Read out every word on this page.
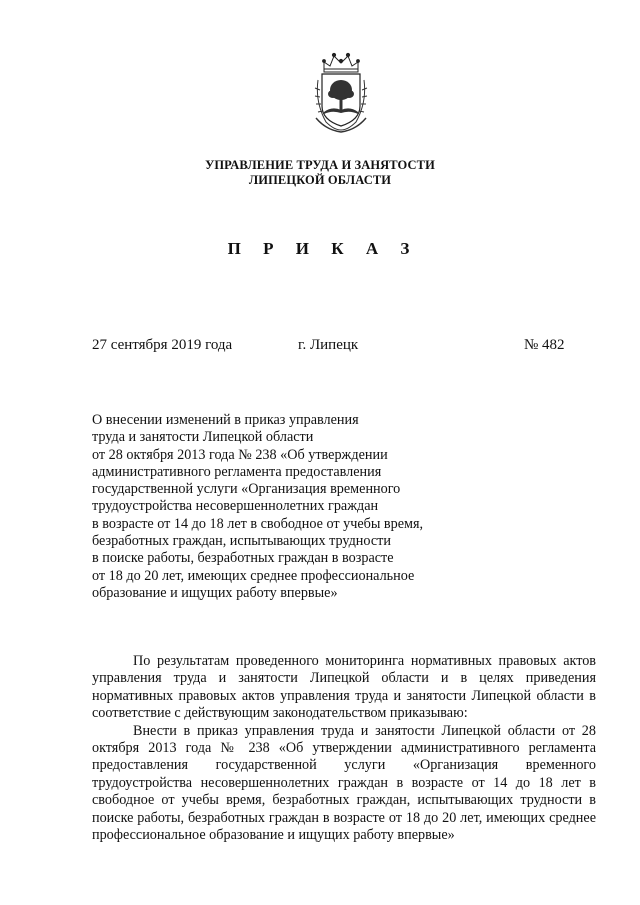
УПРАВЛЕНИЕ ТРУДА И ЗАНЯТОСТИ
ЛИПЕЦКОЙ ОБЛАСТИ
П Р И К А З
27 сентября 2019 года	г. Липецк	№ 482
О внесении изменений в приказ управления
труда и занятости Липецкой области
от 28 октября 2013 года № 238 «Об утверждении
административного регламента предоставления
государственной услуги «Организация временного
трудоустройства несовершеннолетних граждан
в возрасте от 14 до 18 лет в свободное от учебы время,
безработных граждан, испытывающих трудности
в поиске работы, безработных граждан в возрасте
от 18 до 20 лет, имеющих среднее профессиональное
образование и ищущих работу впервые»

По результатам проведенного мониторинга нормативных правовых актов управления труда и занятости Липецкой области и в целях приведения нормативных правовых актов управления труда и занятости Липецкой области в соответствие с действующим законодательством приказываю:

Внести в приказ управления труда и занятости Липецкой области от 28 октября 2013 года № 238 «Об утверждении административного регламента предоставления государственной услуги «Организация временного трудоустройства несовершеннолетних граждан в возрасте от 14 до 18 лет в свободное от учебы время, безработных граждан, испытывающих трудности в поиске работы, безработных граждан в возрасте от 18 до 20 лет, имеющих среднее профессиональное образование и ищущих работу впервые»
